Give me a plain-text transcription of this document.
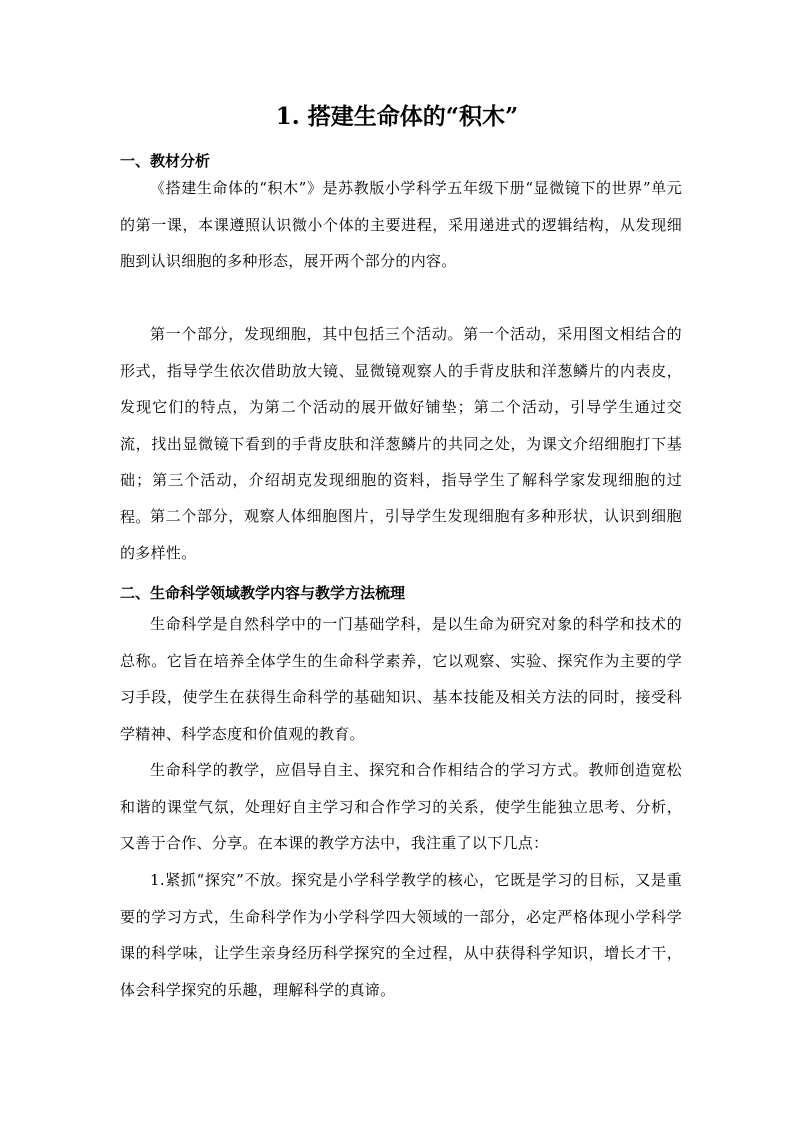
1. 搭建生命体的“积木”
一、教材分析

《搭建生命体的“积木”》是苏教版小学科学五年级下册“显微镜下的世界”单元的第一课，本课遵照认识微小个体的主要进程，采用递进式的逻辑结构，从发现细胞到认识细胞的多种形态，展开两个部分的内容。

第一个部分，发现细胞，其中包括三个活动。第一个活动，采用图文相结合的形式，指导学生依次借助放大镜、显微镜观察人的手背皮肤和洋葱鳞片的内表皮，发现它们的特点，为第二个活动的展开做好铺垫；第二个活动，引导学生通过交流，找出显微镜下看到的手背皮肤和洋葱鳞片的共同之处，为课文介绍细胞打下基础；第三个活动，介绍胡克发现细胞的资料，指导学生了解科学家发现细胞的过程。 第二个部分，观察人体细胞图片，引导学生发现细胞有多种形状，认识到细胞的多样性。

二、生命科学领域教学内容与教学方法梳理

生命科学是自然科学中的一门基础学科，是以生命为研究对象的科学和技术的总称。它旨在培养全体学生的生命科学素养，它以观察、实验、探究作为主要的学习手段，使学生在获得生命科学的基础知识、基本技能及相关方法的同时，接受科学精神、科学态度和价值观的教育。

生命科学的教学，应倡导自主、探究和合作相结合的学习方式。教师创造宽松和谐的课堂气氛，处理好自主学习和合作学习的关系，使学生能独立思考、分析，又善于合作、分享。在本课的教学方法中，我注重了以下几点：

1.紧抓“探究”不放。探究是小学科学教学的核心，它既是学习的目标，又是重要的学习方式，生命科学作为小学科学四大领域的一部分，必定严格体现小学科学课的科学味，让学生亲身经历科学探究的全过程，从中获得科学知识，增长才干，体会科学探究的乐趣，理解科学的真谛。
